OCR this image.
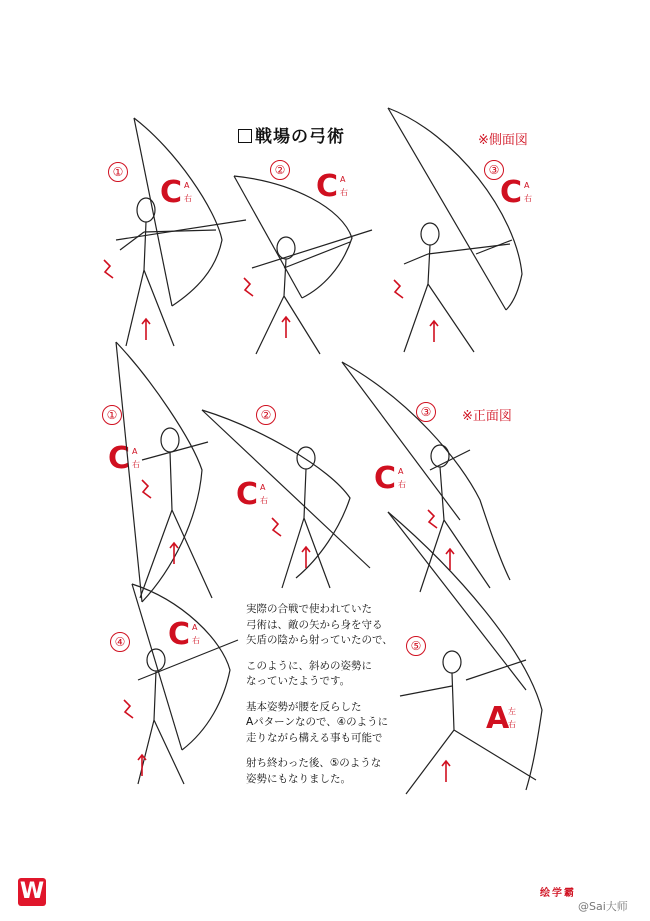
戦場の弓術	※側面図
※正面図
①	②	③
①	②	③
④	⑤
C A
右	C A
右	C A
右
C A
右
C A
右
C A
右
C A
右
A
左
右

実際の合戦で使われていた
弓術は、敵の矢から身を守る
矢盾の陰から射っていたので、

このように、斜めの姿勢に
なっていたようです。

基本姿勢が腰を反らした
Aパターンなので、④のように
走りながら構える事も可能で

射ち終わった後、⑤のような
姿勢にもなりました。

W	绘学霸
@Sai大师
